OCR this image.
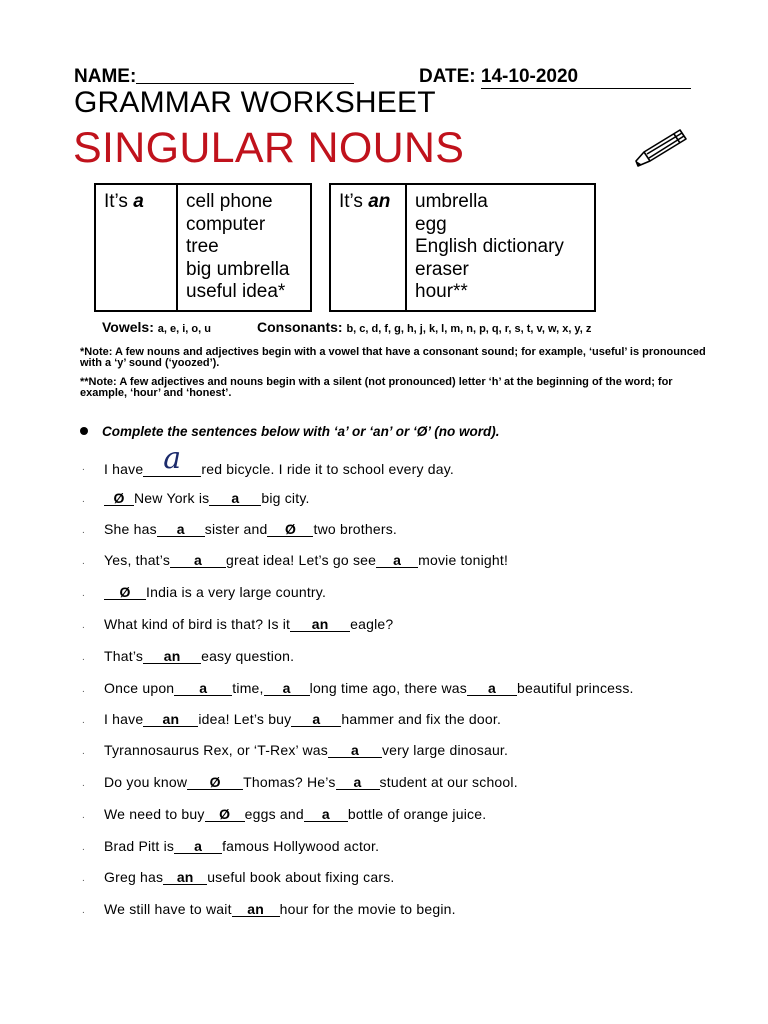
NAME:	DATE: 14-10-2020
GRAMMAR WORKSHEET
SINGULAR NOUNS
It’s a	cell phone
computer
tree
big umbrella
useful idea*
It’s an	umbrella
egg
English dictionary
eraser
hour**
Vowels: a, e, i, o, u	Consonants: b, c, d, f, g, h, j, k, l, m, n, p, q, r, s, t, v, w, x, y, z
*Note: A few nouns and adjectives begin with a vowel that have a consonant sound; for example, ‘useful’ is pronounced with a ‘y’ sound (‘yoozed’).
**Note: A few adjectives and nouns begin with a silent (not pronounced) letter ‘h’ at the beginning of the word; for example, ‘hour’ and ‘honest’.
Complete the sentences below with ‘a’ or ‘an’ or ‘Ø’ (no word).
. I have a red bicycle. I ride it to school every day.
.	Ø New York is a big city.
. She has a sister and Ø two brothers.
. Yes, that’s a great idea! Let’s go see a movie tonight!
.	Ø India is a very large country.
. What kind of bird is that? Is it an eagle?
. That’s an easy question.
. Once upon a time, a long time ago, there was a beautiful princess.
. I have an idea! Let’s buy a hammer and fix the door.
. Tyrannosaurus Rex, or ‘T-Rex’ was a very large dinosaur.
. Do you know Ø Thomas? He’s a student at our school.
. We need to buy Ø eggs and a bottle of orange juice.
. Brad Pitt is a famous Hollywood actor.
. Greg has an useful book about fixing cars.
. We still have to wait an hour for the movie to begin.
